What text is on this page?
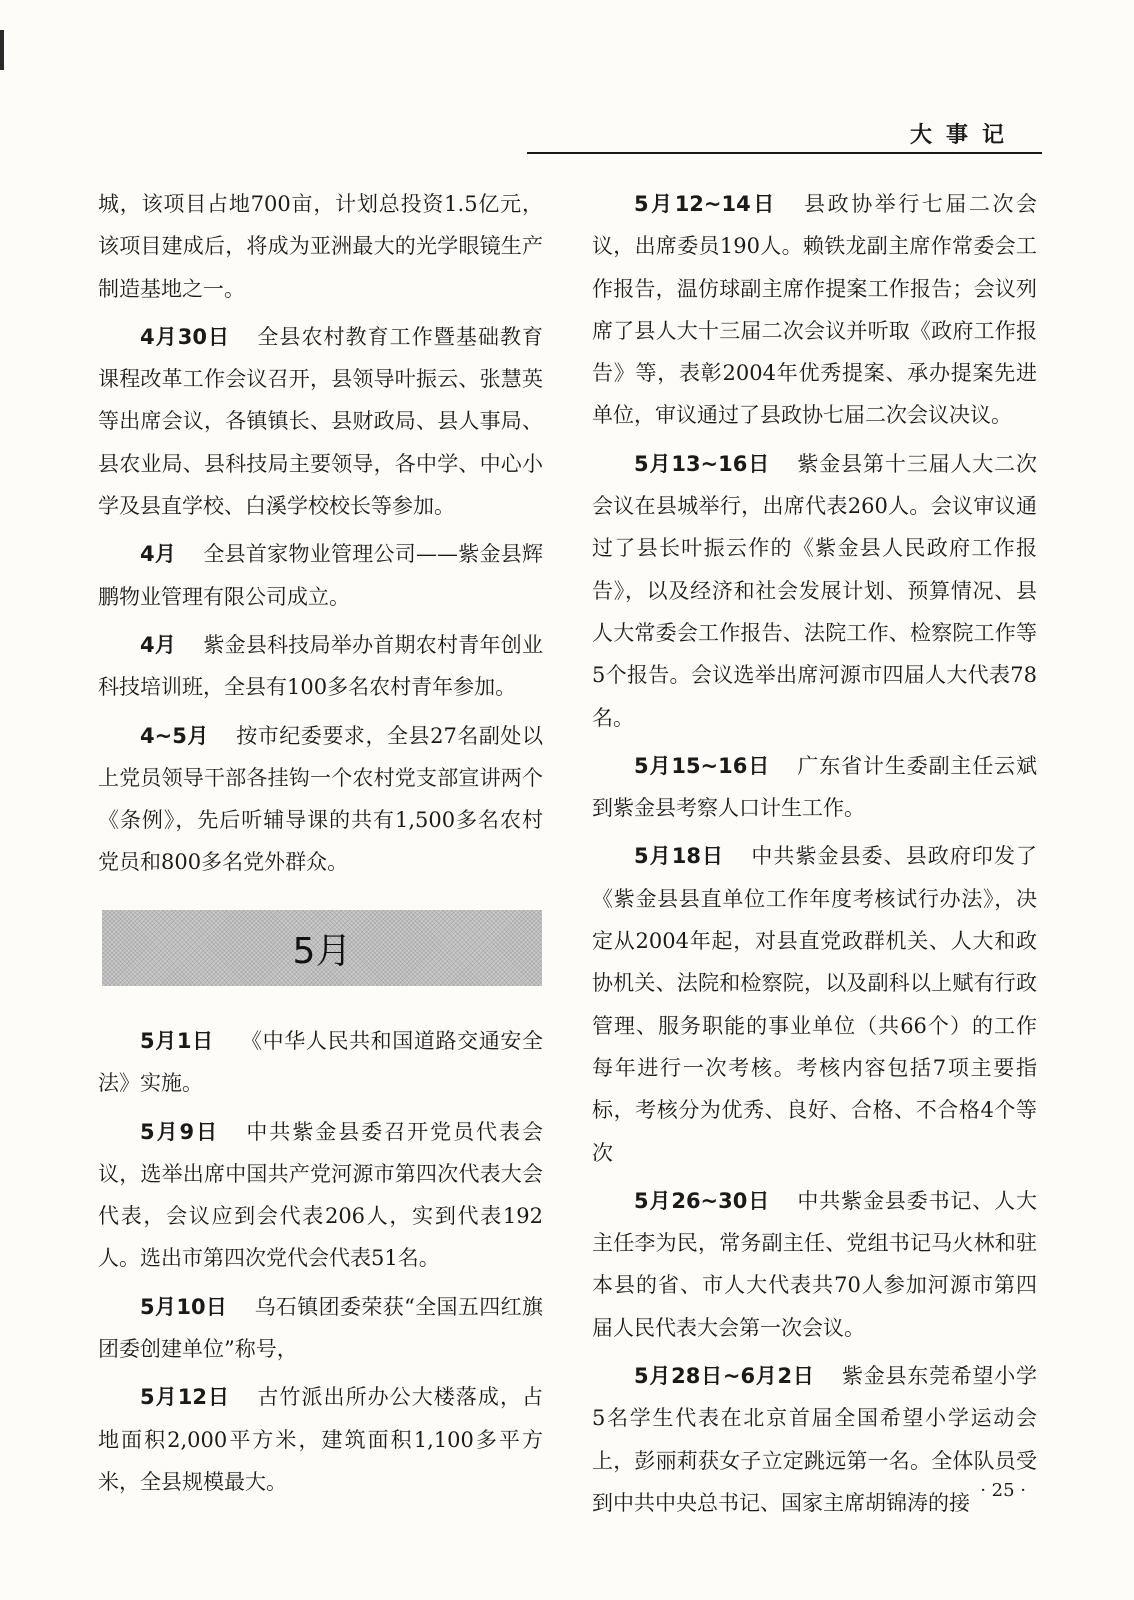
大事记

城，该项目占地700亩，计划总投资1.5亿元，该项目建成后，将成为亚洲最大的光学眼镜生产制造基地之一。

4月30日 全县农村教育工作暨基础教育课程改革工作会议召开，县领导叶振云、张慧英等出席会议，各镇镇长、县财政局、县人事局、县农业局、县科技局主要领导，各中学、中心小学及县直学校、白溪学校校长等参加。

4月 全县首家物业管理公司——紫金县辉鹏物业管理有限公司成立。

4月 紫金县科技局举办首期农村青年创业科技培训班，全县有100多名农村青年参加。

4~5月 按市纪委要求，全县27名副处以上党员领导干部各挂钩一个农村党支部宣讲两个《条例》，先后听辅导课的共有1,500多名农村党员和800多名党外群众。

5月

5月1日 《中华人民共和国道路交通安全法》实施。

5月9日 中共紫金县委召开党员代表会议，选举出席中国共产党河源市第四次代表大会代表，会议应到会代表206人，实到代表192人。选出市第四次党代会代表51名。

5月10日 乌石镇团委荣获“全国五四红旗团委创建单位”称号，

5月12日 古竹派出所办公大楼落成，占地面积2,000平方米，建筑面积1,100多平方米，全县规模最大。

5月12~14日 县政协举行七届二次会议，出席委员190人。赖铁龙副主席作常委会工作报告，温仿球副主席作提案工作报告；会议列席了县人大十三届二次会议并听取《政府工作报告》等，表彰2004年优秀提案、承办提案先进单位，审议通过了县政协七届二次会议决议。

5月13~16日 紫金县第十三届人大二次会议在县城举行，出席代表260人。会议审议通过了县长叶振云作的《紫金县人民政府工作报告》，以及经济和社会发展计划、预算情况、县人大常委会工作报告、法院工作、检察院工作等5个报告。会议选举出席河源市四届人大代表78名。

5月15~16日 广东省计生委副主任云斌到紫金县考察人口计生工作。

5月18日 中共紫金县委、县政府印发了《紫金县县直单位工作年度考核试行办法》，决定从2004年起，对县直党政群机关、人大和政协机关、法院和检察院，以及副科以上赋有行政管理、服务职能的事业单位（共66个）的工作每年进行一次考核。考核内容包括7项主要指标，考核分为优秀、良好、合格、不合格4个等次

5月26~30日 中共紫金县委书记、人大主任李为民，常务副主任、党组书记马火林和驻本县的省、市人大代表共70人参加河源市第四届人民代表大会第一次会议。

5月28日~6月2日 紫金县东莞希望小学5名学生代表在北京首届全国希望小学运动会上，彭丽莉获女子立定跳远第一名。全体队员受到中共中央总书记、国家主席胡锦涛的接

· 25 ·
